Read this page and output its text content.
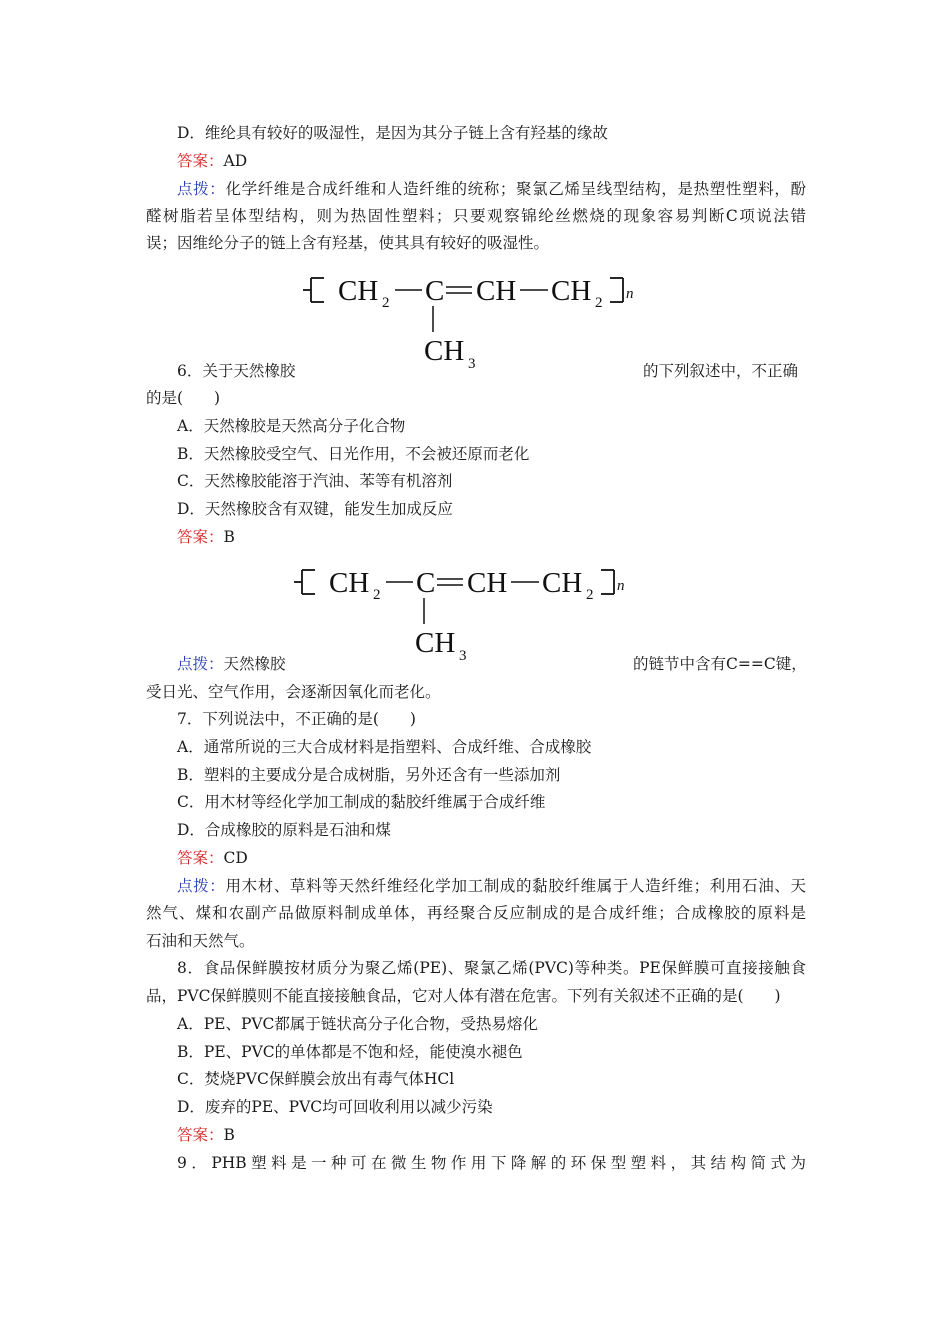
D．维纶具有较好的吸湿性，是因为其分子链上含有羟基的缘故
答案：AD
点拨：化学纤维是合成纤维和人造纤维的统称；聚氯乙烯呈线型结构，是热塑性塑料，酚
醛树脂若呈体型结构，则为热固性塑料；只要观察锦纶丝燃烧的现象容易判断C项说法错
误；因维纶分子的链上含有羟基，使其具有较好的吸湿性。
CH 2 C CH CH 2
n
CH 3
6．关于天然橡胶	的下列叙述中，不正确
的是(　　)
A．天然橡胶是天然高分子化合物
B．天然橡胶受空气、日光作用，不会被还原而老化
C．天然橡胶能溶于汽油、苯等有机溶剂
D．天然橡胶含有双键，能发生加成反应
答案：B
CH 2 C CH CH 2
n
CH 3
点拨：天然橡胶	的链节中含有C==C键，
受日光、空气作用，会逐渐因氧化而老化。
7．下列说法中，不正确的是(　　)
A．通常所说的三大合成材料是指塑料、合成纤维、合成橡胶
B．塑料的主要成分是合成树脂，另外还含有一些添加剂
C．用木材等经化学加工制成的黏胶纤维属于合成纤维
D．合成橡胶的原料是石油和煤
答案：CD
点拨：用木材、草料等天然纤维经化学加工制成的黏胶纤维属于人造纤维；利用石油、天
然气、煤和农副产品做原料制成单体，再经聚合反应制成的是合成纤维；合成橡胶的原料是
石油和天然气。
8．食品保鲜膜按材质分为聚乙烯(PE)、聚氯乙烯(PVC)等种类。PE保鲜膜可直接接触食
品，PVC保鲜膜则不能直接接触食品，它对人体有潜在危害。下列有关叙述不正确的是(　　)
A．PE、PVC都属于链状高分子化合物，受热易熔化
B．PE、PVC的单体都是不饱和烃，能使溴水褪色
C．焚烧PVC保鲜膜会放出有毒气体HCl
D．废弃的PE、PVC均可回收利用以减少污染
答案：B
9．PHB塑料是一种可在微生物作用下降解的环保型塑料，其结构简式为
